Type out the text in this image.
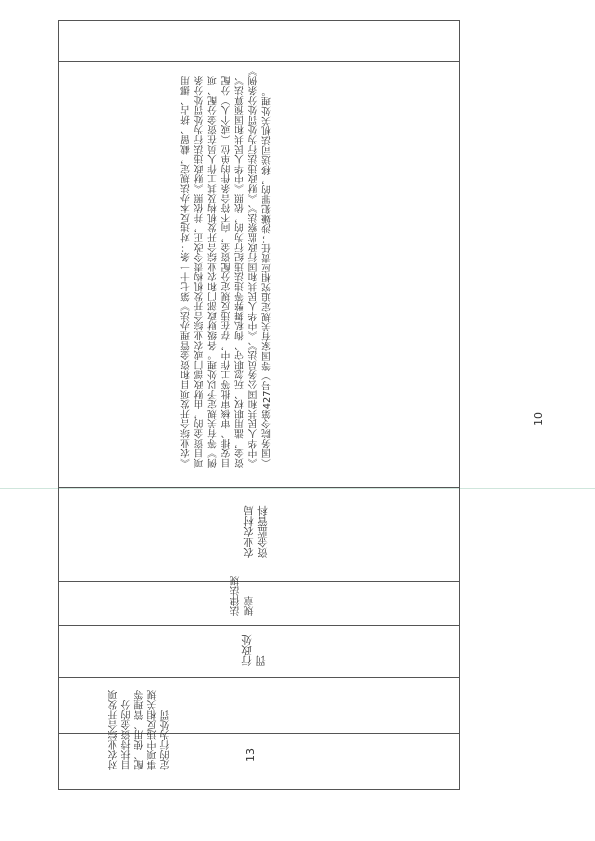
《农业综合开发项目和资金管理办法》第七十一条：对违反本办法规定，截留、挤占、挪用项目资金的，由财政部门或农业综合开发机构责令改正，并依照《财政违法行为处罚处分条例》等有关规定予以处理。各级财政部门和农业综合开发机构及其工作人员在资金分配、项目安排、审核审批等工作中，存在违反规定分配资金，向不符合条件的单位（或个人）分配资金，滥用职权、玩忽职守、徇私舞弊等违法违纪行为的，依照《中华人民共和国预算法》、《中华人民共和国公务员法》、《中华人民共和国行政监察法》、《财政违法行为处罚处分条例》（国务院令第427号）等国家有关规定追究相应责任；涉嫌犯罪的，移送司法机关处理。
农业农村局资金监管科
法律法规规章
行政处罚
对农业综合开发项目扶持资金的分配、使用、管理等事项中违反相关规定的行为处罚	13
10
